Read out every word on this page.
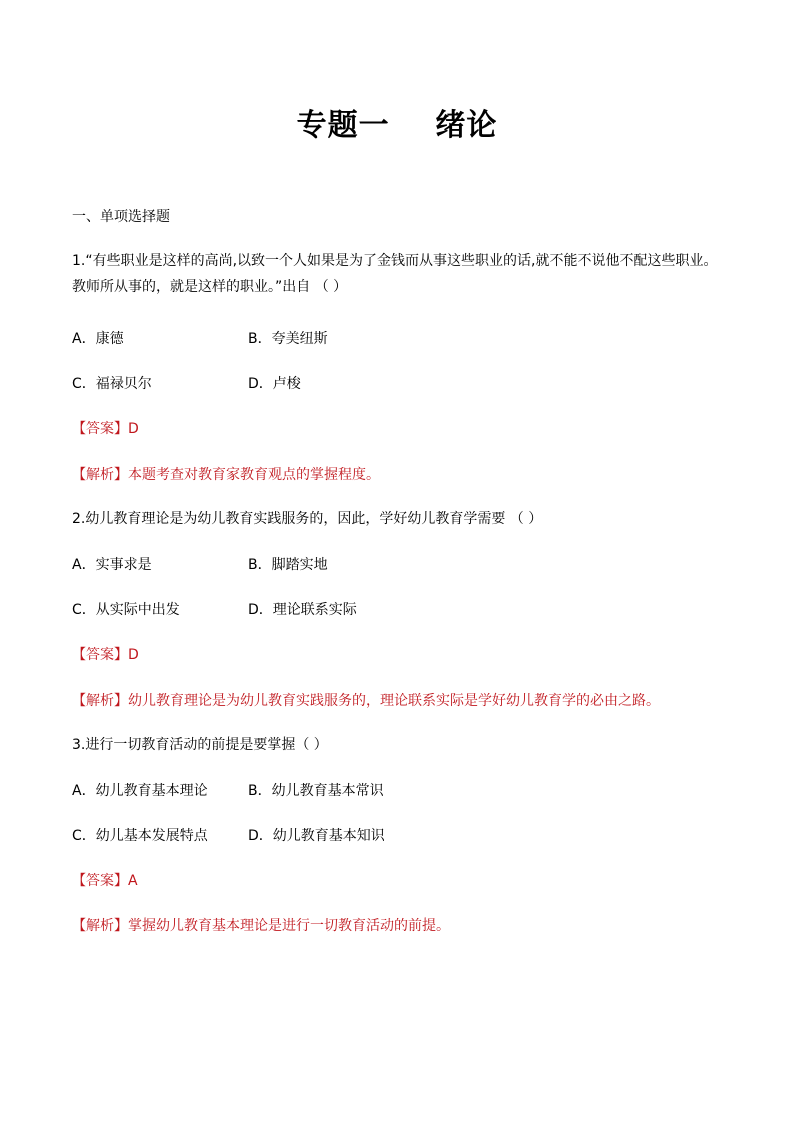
专题一    绪论
一、单项选择题
1.“有些职业是这样的高尚,以致一个人如果是为了金钱而从事这些职业的话,就不能不说他不配这些职业。
教师所从事的，就是这样的职业。”出自 （ ）
A．康德	B．夸美纽斯
C．福禄贝尔	D．卢梭
【答案】D
【解析】本题考查对教育家教育观点的掌握程度。
2.幼儿教育理论是为幼儿教育实践服务的，因此，学好幼儿教育学需要 （ ）
A．实事求是	B．脚踏实地
C．从实际中出发	D．理论联系实际
【答案】D
【解析】幼儿教育理论是为幼儿教育实践服务的，理论联系实际是学好幼儿教育学的必由之路。
3.进行一切教育活动的前提是要掌握（ ）
A．幼儿教育基本理论	B．幼儿教育基本常识
C．幼儿基本发展特点	D．幼儿教育基本知识
【答案】A
【解析】掌握幼儿教育基本理论是进行一切教育活动的前提。
